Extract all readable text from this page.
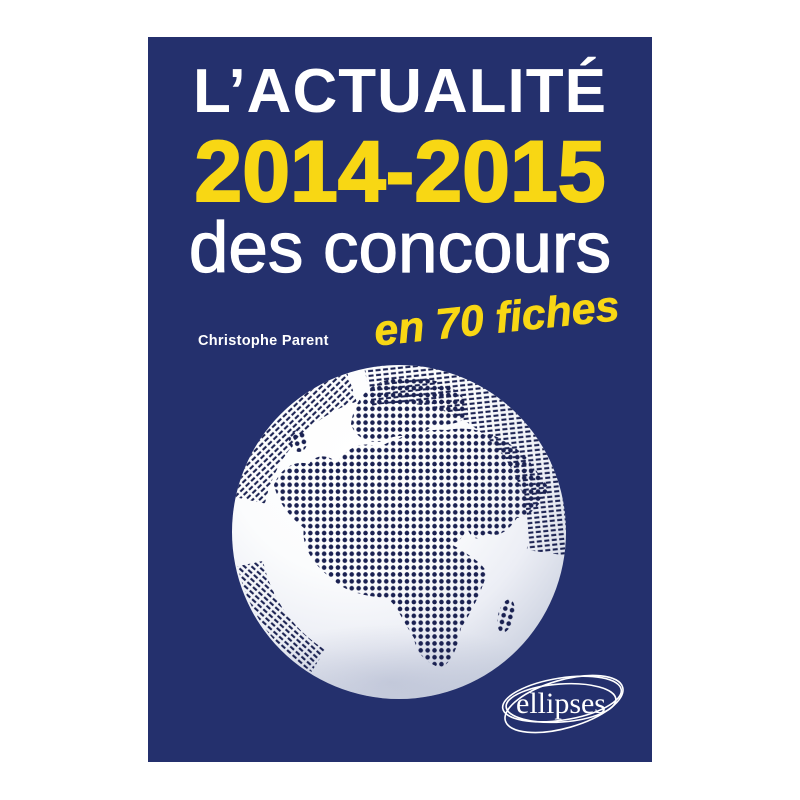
L’ACTUALITÉ
2014-2015
des concours
en 70 fiches
Christophe Parent
ellipses
